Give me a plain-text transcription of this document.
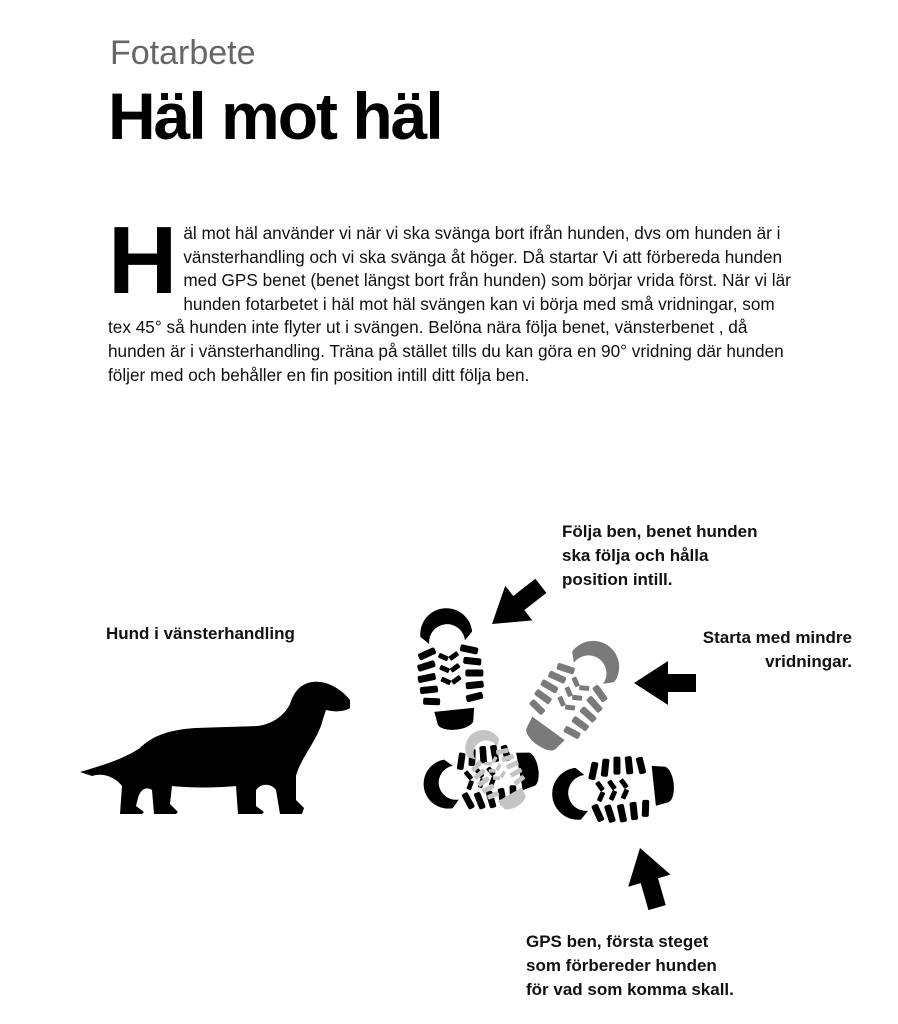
Fotarbete
Häl mot häl

Häl mot häl använder vi när vi ska svänga bort ifrån hunden, dvs om hunden är i vänsterhandling och vi ska svänga åt höger. Då startar Vi att förbereda hunden med GPS benet (benet längst bort från hunden) som börjar vrida först. När vi lär hunden fotarbetet i häl mot häl svängen kan vi börja med små vridningar, som tex 45° så hunden inte flyter ut i svängen. Belöna nära följa benet, vänsterbenet , då hunden är i vänsterhandling. Träna på stället tills du kan göra en 90° vridning där hunden följer med och behåller en fin position intill ditt följa ben.

Hund i vänsterhandling
Följa ben, benet hunden
ska följa och hålla
position intill.
Starta med mindre
vridningar.
GPS ben, första steget
som förbereder hunden
för vad som komma skall.
